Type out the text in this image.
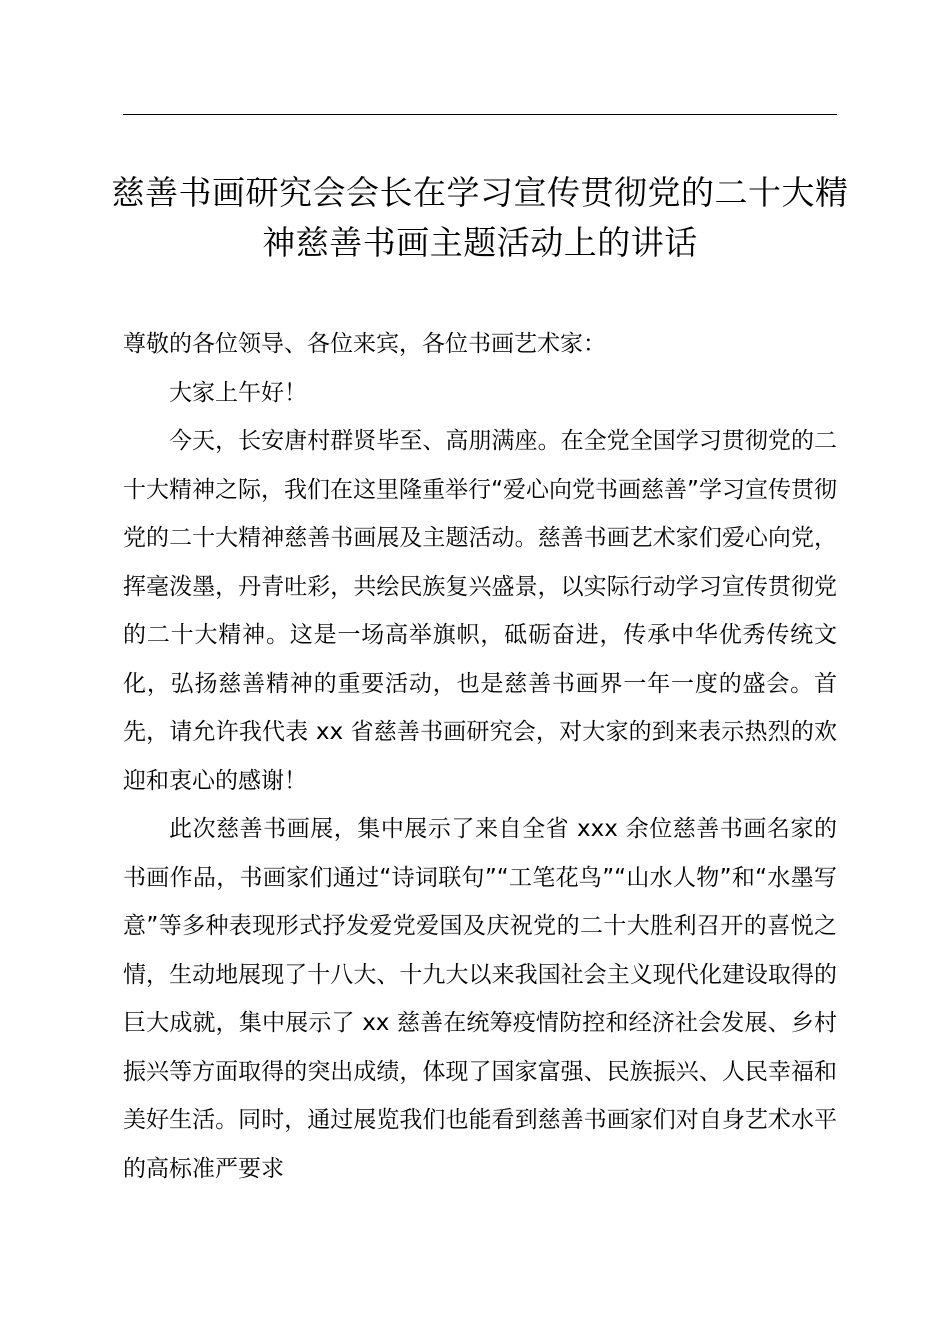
慈善书画研究会会长在学习宣传贯彻党的二十大精神慈善书画主题活动上的讲话

尊敬的各位领导、各位来宾，各位书画艺术家：

大家上午好！

今天，长安唐村群贤毕至、高朋满座。在全党全国学习贯彻党的二十大精神之际，我们在这里隆重举行“爱心向党书画慈善”学习宣传贯彻党的二十大精神慈善书画展及主题活动。慈善书画艺术家们爱心向党，挥毫泼墨，丹青吐彩，共绘民族复兴盛景，以实际行动学习宣传贯彻党的二十大精神。这是一场高举旗帜，砥砺奋进，传承中华优秀传统文化，弘扬慈善精神的重要活动，也是慈善书画界一年一度的盛会。首先，请允许我代表 xx 省慈善书画研究会，对大家的到来表示热烈的欢迎和衷心的感谢！

此次慈善书画展，集中展示了来自全省 xxx 余位慈善书画名家的书画作品，书画家们通过“诗词联句”“工笔花鸟”“山水人物”和“水墨写意”等多种表现形式抒发爱党爱国及庆祝党的二十大胜利召开的喜悦之情，生动地展现了十八大、十九大以来我国社会主义现代化建设取得的巨大成就，集中展示了 xx 慈善在统筹疫情防控和经济社会发展、乡村振兴等方面取得的突出成绩，体现了国家富强、民族振兴、人民幸福和美好生活。同时，通过展览我们也能看到慈善书画家们对自身艺术水平的高标准严要求
